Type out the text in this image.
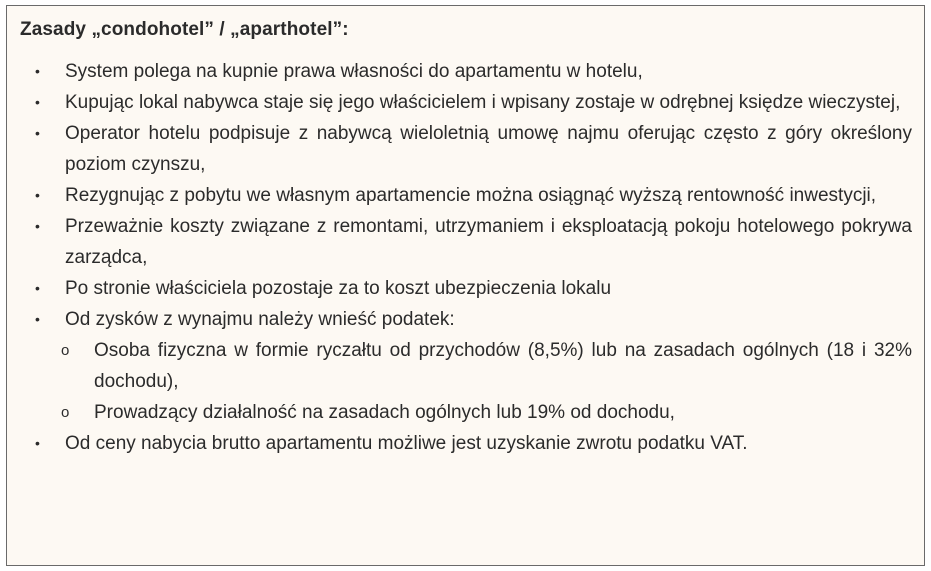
Zasady „condohotel” / „aparthotel”:
•	System polega na kupnie prawa własności do apartamentu w hotelu,
•	Kupując lokal nabywca staje się jego właścicielem i wpisany zostaje w odrębnej księdze wieczystej,
•	Operator hotelu podpisuje z nabywcą wieloletnią umowę najmu oferując często z góry określony poziom czynszu,
•	Rezygnując z pobytu we własnym apartamencie można osiągnąć wyższą rentowność inwestycji,
•	Przeważnie koszty związane z remontami, utrzymaniem i eksploatacją pokoju hotelowego pokrywa zarządca,
•	Po stronie właściciela pozostaje za to koszt ubezpieczenia lokalu
•	Od zysków z wynajmu należy wnieść podatek:
o	Osoba fizyczna w formie ryczałtu od przychodów (8,5%) lub na zasadach ogólnych (18 i 32% dochodu),
o	Prowadzący działalność na zasadach ogólnych lub 19% od dochodu,
•	Od ceny nabycia brutto apartamentu możliwe jest uzyskanie zwrotu podatku VAT.
